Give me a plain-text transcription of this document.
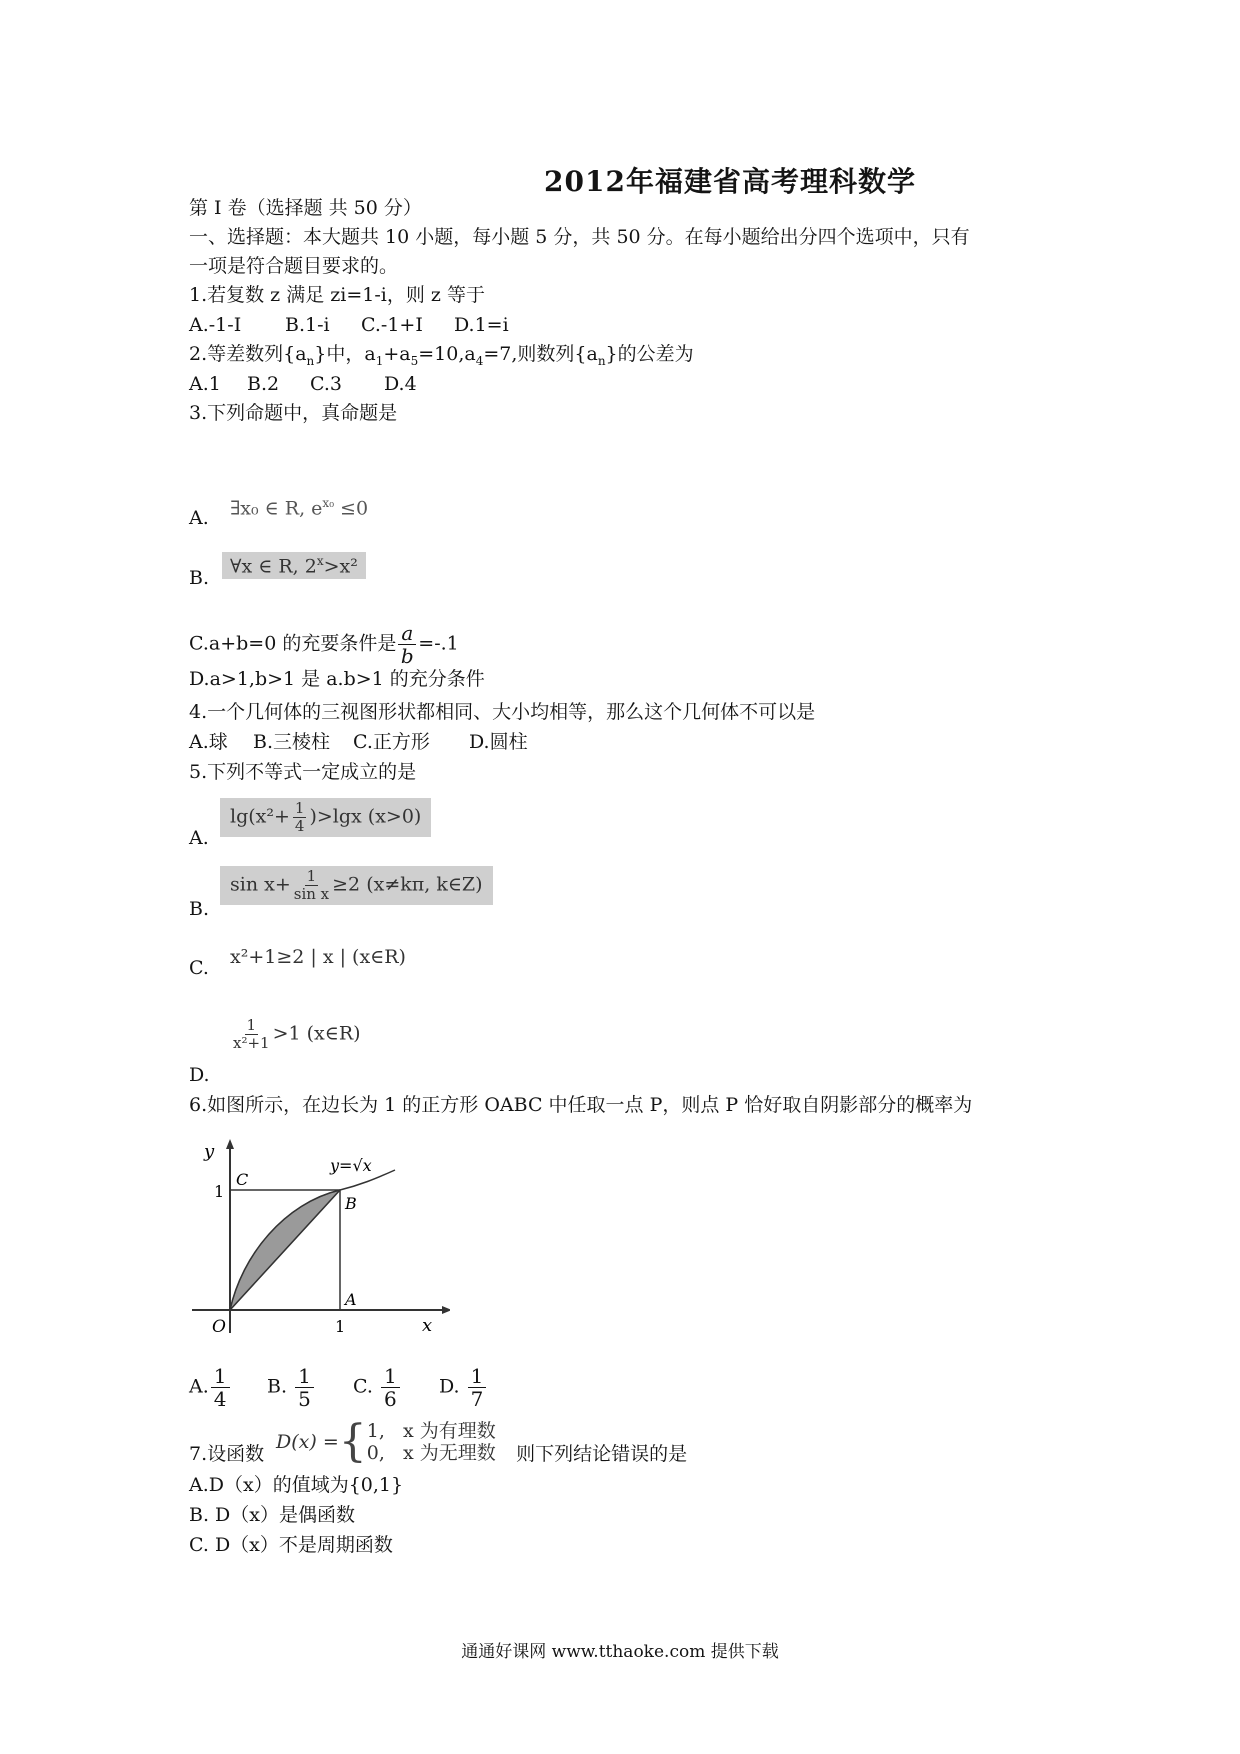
2012年福建省高考理科数学
第 I 卷（选择题 共 50 分）
一、选择题：本大题共 10 小题，每小题 5 分，共 50 分。在每小题给出分四个选项中，只有
一项是符合题目要求的。
1.若复数 z 满足 zi=1-i，则 z 等于
A.-1-I B.1-i C.-1+I D.1=i
2.等差数列$\{a_n\}$中，$a_1+a_5=10,a_4=7$,则数列$\{a_n\}$的公差为
A.1 B.2 C.3 D.4
3.下列命题中，真命题是
A.	∃x₀ ∈ R, $e^{x_0} \le 0$
B.
∀x ∈ R, $2^x>x^2$
C.a+b=0 的充要条件是 $\frac{a}{b} =-.1$
D.a>1,b>1 是 a.b>1 的充分条件
4.一个几何体的三视图形状都相同、大小均相等，那么这个几何体不可以是
A.球 B.三棱柱 C.正方形 D.圆柱
5.下列不等式一定成立的是
A.
$\lg(x^2+ \frac{1}{4} )>\lg x$ (x>0)
B.
$\sin x+ \frac{1}{\text{sin x}} \ge 2$ (x≠kπ, k∈Z)
C.	x²+1≥2 | x | (x∈R)
D.
$\frac{1}{\text{x²+1}} >1$ (x∈R)
6.如图所示，在边长为 1 的正方形 OABC 中任取一点 P，则点 P 恰好取自阴影部分的概率为
y
x
y=√x
O
A
B
C
1
1
A. $\frac{1}{4} B$. $\frac{1}{5} C$. $\frac{1}{6} D$. $\frac{1}{7}$
7.设函数	则下列结论错误的是
D(x) ={1, x 为有理数
0, x 为无理数
A.D（x）的值域为{0,1}
B. D（x）是偶函数
C. D（x）不是周期函数
通通好课网 www.tthaoke.com 提供下载
